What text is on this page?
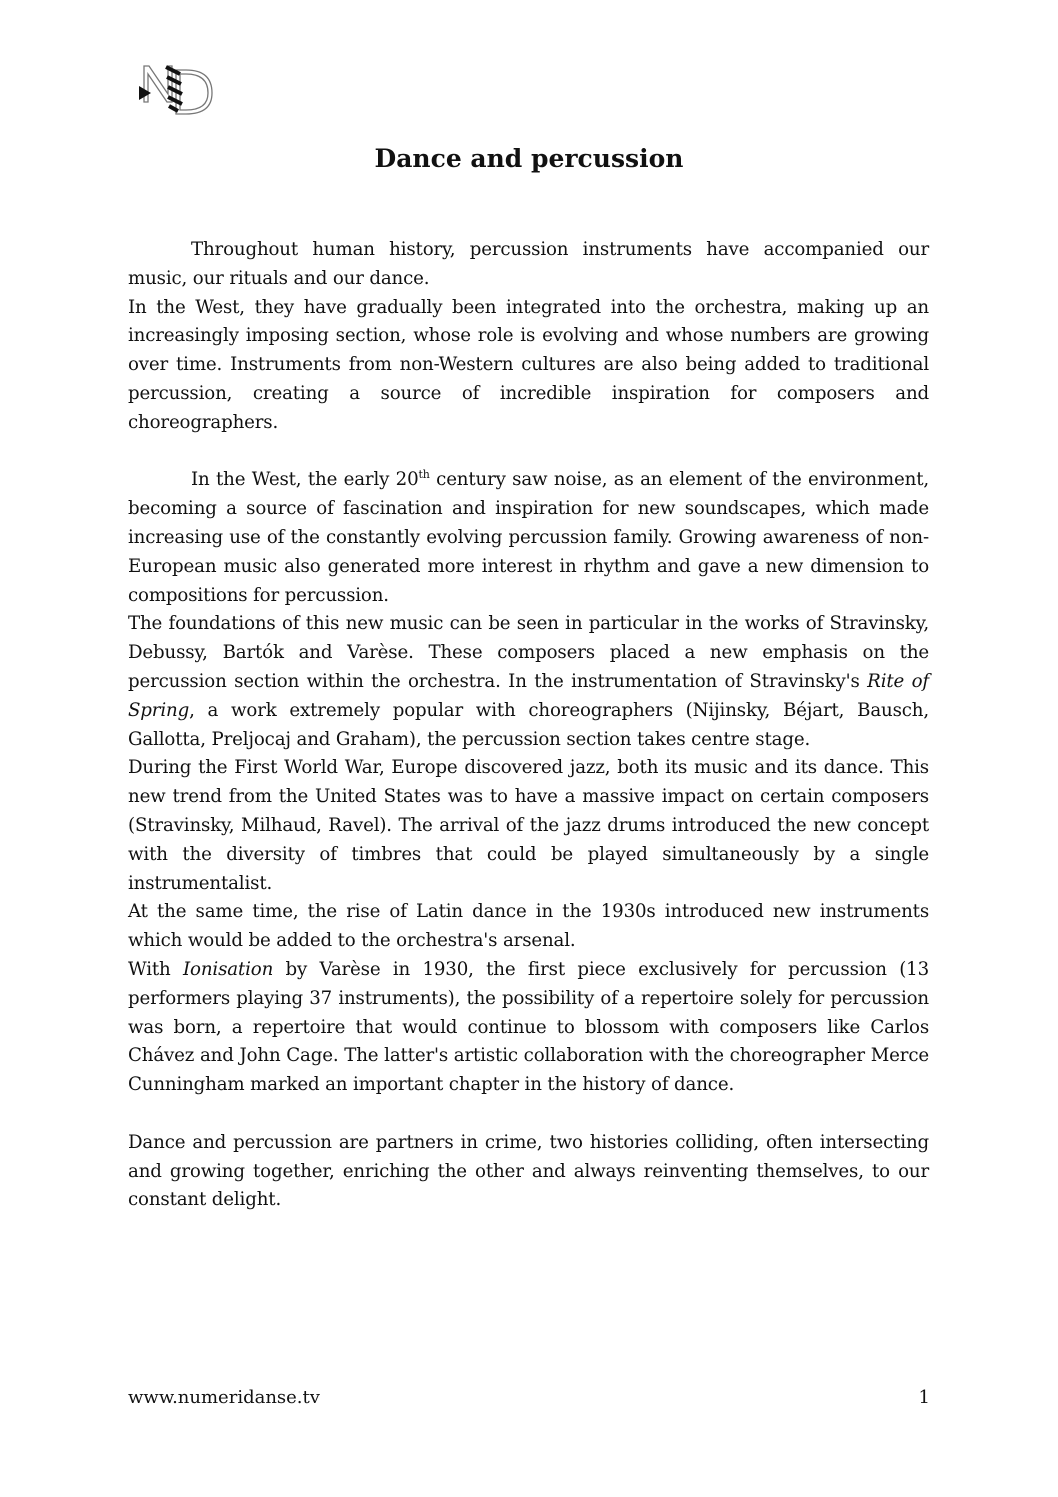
Dance and percussion

Throughout human history, percussion instruments have accompanied our music, our rituals and our dance.

In the West, they have gradually been integrated into the orchestra, making up an increasingly imposing section, whose role is evolving and whose numbers are growing over time. Instruments from non-Western cultures are also being added to traditional percussion, creating a source of incredible inspiration for composers and choreographers.

In the West, the early 20th century saw noise, as an element of the environment, becoming a source of fascination and inspiration for new soundscapes, which made increasing use of the constantly evolving percussion family. Growing awareness of non-European music also generated more interest in rhythm and gave a new dimension to compositions for percussion.

The foundations of this new music can be seen in particular in the works of Stravinsky, Debussy, Bartók and Varèse. These composers placed a new emphasis on the percussion section within the orchestra. In the instrumentation of Stravinsky's Rite of Spring, a work extremely popular with choreographers (Nijinsky, Béjart, Bausch, Gallotta, Preljocaj and Graham), the percussion section takes centre stage.

During the First World War, Europe discovered jazz, both its music and its dance. This new trend from the United States was to have a massive impact on certain composers (Stravinsky, Milhaud, Ravel). The arrival of the jazz drums introduced the new concept with the diversity of timbres that could be played simultaneously by a single instrumentalist.

At the same time, the rise of Latin dance in the 1930s introduced new instruments which would be added to the orchestra's arsenal.

With Ionisation by Varèse in 1930, the first piece exclusively for percussion (13 performers playing 37 instruments), the possibility of a repertoire solely for percussion was born, a repertoire that would continue to blossom with composers like Carlos Chávez and John Cage. The latter's artistic collaboration with the choreographer Merce Cunningham marked an important chapter in the history of dance.

Dance and percussion are partners in crime, two histories colliding, often intersecting and growing together, enriching the other and always reinventing themselves, to our constant delight.

www.numeridanse.tv	1
